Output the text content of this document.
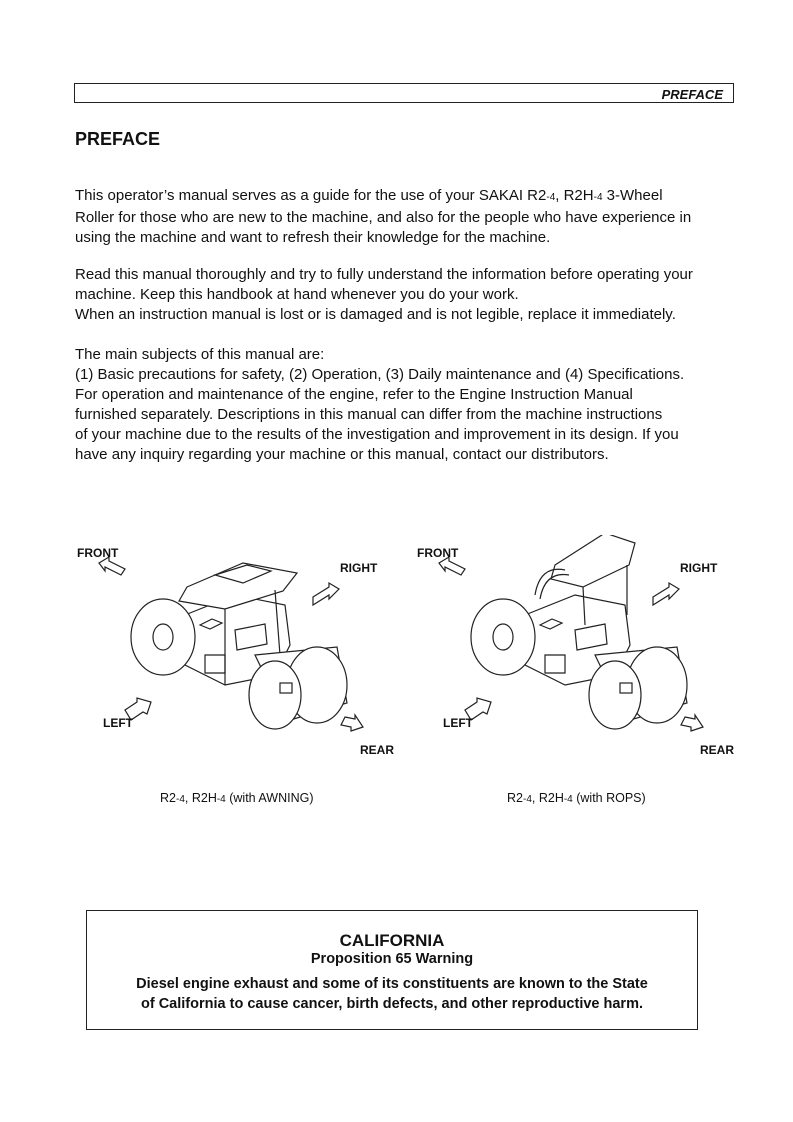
PREFACE
PREFACE

This operator’s manual serves as a guide for the use of your SAKAI R2-4, R2H-4 3-Wheel
Roller for those who are new to the machine, and also for the people who have experience in
using the machine and want to refresh their knowledge for the machine.

Read this manual thoroughly and try to fully understand the information before operating your
machine. Keep this handbook at hand whenever you do your work.
When an instruction manual is lost or is damaged and is not legible, replace it immediately.

The main subjects of this manual are:
(1) Basic precautions for safety, (2) Operation, (3) Daily maintenance and (4) Specifications.
For operation and maintenance of the engine, refer to the Engine Instruction Manual
furnished separately. Descriptions in this manual can differ from the machine instructions
of your machine due to the results of the investigation and improvement in its design. If you
have any inquiry regarding your machine or this manual, contact our distributors.

FRONT
RIGHT
LEFT
REAR
FRONT
RIGHT
LEFT
REAR
R2-4, R2H-4 (with AWNING)	R2-4, R2H-4 (with ROPS)
CALIFORNIA
Proposition 65 Warning
Diesel engine exhaust and some of its constituents are known to the State
of California to cause cancer, birth defects, and other reproductive harm.
